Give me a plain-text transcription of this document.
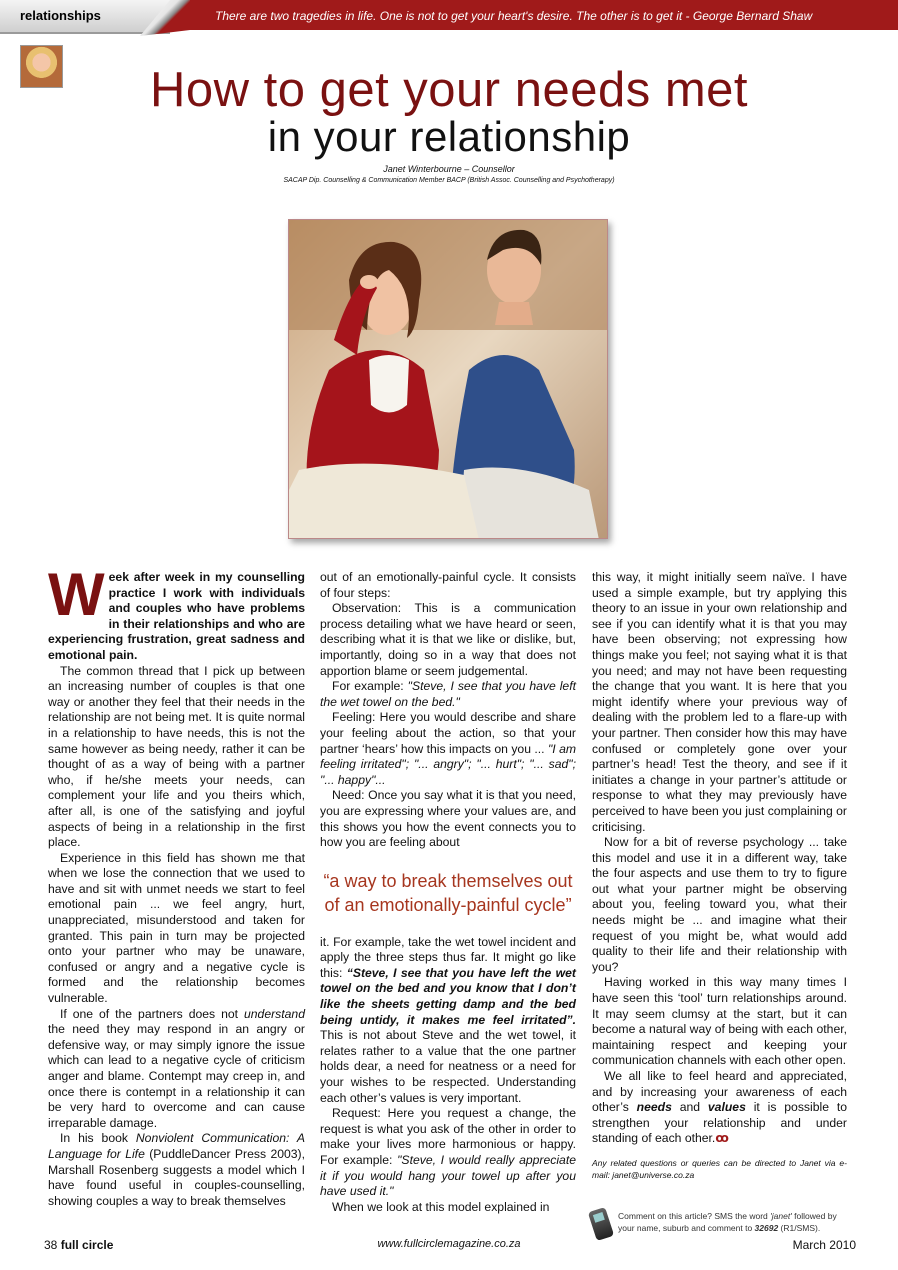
relationships	There are two tragedies in life. One is not to get your heart's desire. The other is to get it - George Bernard Shaw
How to get your needs met
in your relationship
Janet Winterbourne – Counsellor
SACAP Dip. Counselling & Communication Member BACP (British Assoc. Counselling and Psychotherapy)

Week after week in my counselling practice I work with individuals and couples who have problems in their relationships and who are experiencing frustration, great sadness and emotional pain.

The common thread that I pick up between an increasing number of couples is that one way or another they feel that their needs in the relationship are not being met. It is quite normal in a relationship to have needs, this is not the same however as being needy, rather it can be thought of as a way of being with a partner who, if he/she meets your needs, can complement your life and you theirs which, after all, is one of the satisfying and joyful aspects of being in a relationship in the first place.

Experience in this field has shown me that when we lose the connection that we used to have and sit with unmet needs we start to feel emotional pain ... we feel angry, hurt, unappreciated, misunderstood and taken for granted. This pain in turn may be projected onto your partner who may be unaware, confused or angry and a negative cycle is formed and the relationship becomes vulnerable.

If one of the partners does not understand the need they may respond in an angry or defensive way, or may simply ignore the issue which can lead to a negative cycle of criticism anger and blame. Contempt may creep in, and once there is contempt in a relationship it can be very hard to overcome and can cause irreparable damage.

In his book Nonviolent Communication: A Language for Life (PuddleDancer Press 2003), Marshall Rosenberg suggests a model which I have found useful in couples-counselling, showing couples a way to break themselves

out of an emotionally-painful cycle. It consists of four steps:

Observation: This is a communication process detailing what we have heard or seen, describing what it is that we like or dislike, but, importantly, doing so in a way that does not apportion blame or seem judgemental.

For example: "Steve, I see that you have left the wet towel on the bed."

Feeling: Here you would describe and share your feeling about the action, so that your partner ‘hears’ how this impacts on you ... "I am feeling irritated"; "... angry"; "... hurt"; "... sad"; "... happy"...

Need: Once you say what it is that you need, you are expressing where your values are, and this shows you how the event connects you to how you are feeling about

“a way to break themselves out of an emotionally-painful cycle”

it. For example, take the wet towel incident and apply the three steps thus far. It might go like this: “Steve, I see that you have left the wet towel on the bed and you know that I don’t like the sheets getting damp and the bed being untidy, it makes me feel irritated”. This is not about Steve and the wet towel, it relates rather to a value that the one partner holds dear, a need for neatness or a need for your wishes to be respected. Understanding each other’s values is very important.

Request: Here you request a change, the request is what you ask of the other in order to make your lives more harmonious or happy. For example: "Steve, I would really appreciate it if you would hang your towel up after you have used it."

When we look at this model explained in

this way, it might initially seem naïve. I have used a simple example, but try applying this theory to an issue in your own relationship and see if you can identify what it is that you may have been observing; not expressing how things make you feel; not saying what it is that you need; and may not have been requesting the change that you want. It is here that you might identify where your previous way of dealing with the problem led to a flare-up with your partner. Then consider how this may have confused or completely gone over your partner’s head! Test the theory, and see if it initiates a change in your partner’s attitude or response to what they may previously have perceived to have been you just complaining or criticising.

Now for a bit of reverse psychology ... take this model and use it in a different way, take the four aspects and use them to try to figure out what your partner might be observing about you, feeling toward you, what their needs might be ... and imagine what their request of you might be, what would add quality to their life and their relationship with you?

Having worked in this way many times I have seen this ‘tool’ turn relationships around. It may seem clumsy at the start, but it can become a natural way of being with each other, maintaining respect and keeping your communication channels with each other open.

We all like to feel heard and appreciated, and by increasing your awareness of each other’s needs and values it is possible to strengthen your relationship and under standing of each other.ꝏ

Any related questions or queries can be directed to Janet via e-mail: janet@universe.co.za

Comment on this article? SMS the word 'janet' followed by your name, suburb and comment to 32692 (R1/SMS).
38 full circle	www.fullcirclemagazine.co.za	March 2010
